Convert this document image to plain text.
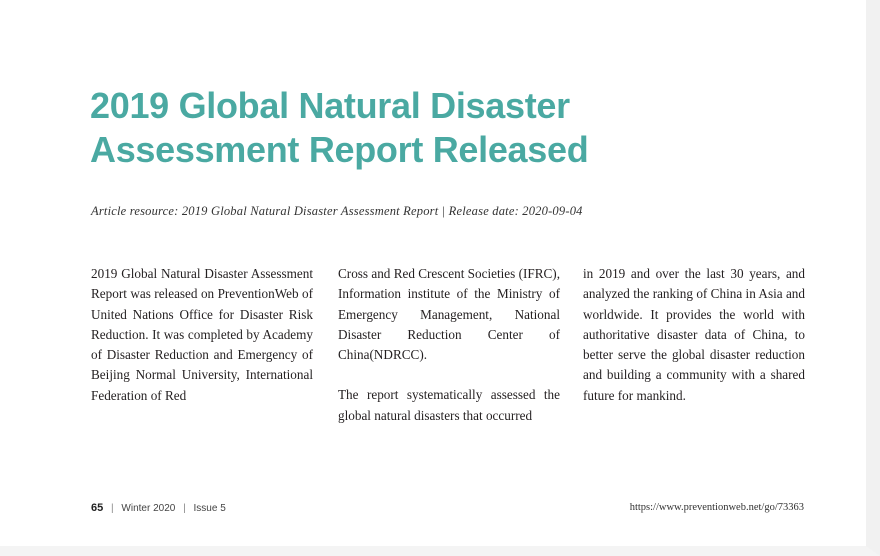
2019 Global Natural Disaster
Assessment Report Released

Article resource: 2019 Global Natural Disaster Assessment Report | Release date: 2020-09-04

2019 Global Natural Disaster Assessment Report was released on PreventionWeb of United Nations Office for Disaster Risk Reduction. It was completed by Academy of Disaster Reduction and Emergency of Beijing Normal University, International Federation of Red

Cross and Red Crescent Societies (IFRC), Information institute of the Ministry of Emergency Management, National Disaster Reduction Center of China(NDRCC).

The report systematically assessed the global natural disasters that occurred

in 2019 and over the last 30 years, and analyzed the ranking of China in Asia and worldwide. It provides the world with authoritative disaster data of China, to better serve the global disaster reduction and building a community with a shared future for mankind.

65 | Winter 2020 | Issue 5	https://www.preventionweb.net/go/73363
